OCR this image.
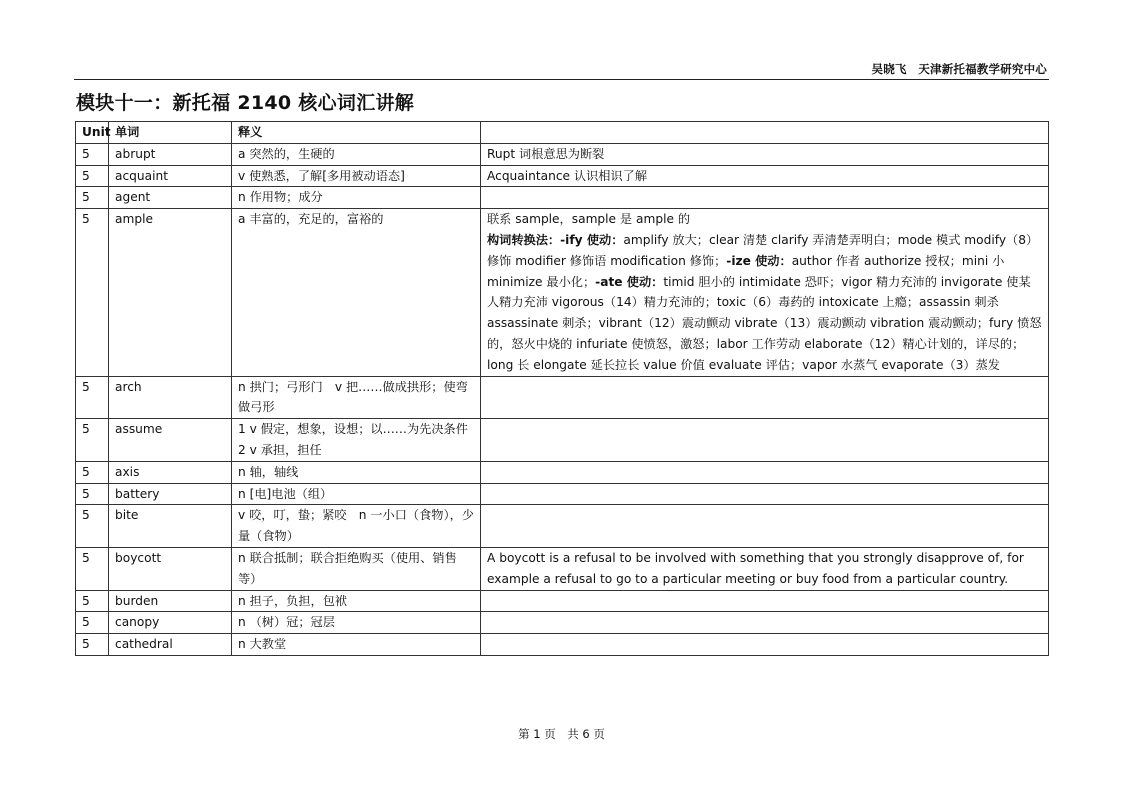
吴晓飞　天津新托福教学研究中心
模块十一：新托福 2140 核心词汇讲解
Unit	单词	释义	
5	abrupt	a 突然的，生硬的	Rupt 词根意思为断裂
5	acquaint	v 使熟悉，了解[多用被动语态]	Acquaintance 认识相识了解
5	agent	n 作用物；成分	
5	ample	a 丰富的，充足的，富裕的	联系 sample，sample 是 ample 的
构词转换法：-ify 使动：amplify 放大；clear 清楚 clarify 弄清楚弄明白；mode 模式 modify（8）修饰 modifier 修饰语 modification 修饰；-ize 使动：author 作者 authorize 授权；mini 小 minimize 最小化；-ate 使动：timid 胆小的 intimidate 恐吓；vigor 精力充沛的 invigorate 使某人精力充沛 vigorous（14）精力充沛的；toxic（6）毒药的 intoxicate 上瘾；assassin 刺杀 assassinate 刺杀；vibrant（12）震动颤动 vibrate（13）震动颤动 vibration 震动颤动；fury 愤怒的，怒火中烧的 infuriate 使愤怒，激怒；labor 工作劳动 elaborate（12）精心计划的，详尽的；long 长 elongate 延长拉长 value 价值 evaluate 评估；vapor 水蒸气 evaporate（3）蒸发
5	arch	n 拱门；弓形门　v 把……做成拱形；使弯做弓形	
5	assume	1 v 假定，想象，设想；以……为先决条件
2 v 承担，担任	
5	axis	n 轴，轴线	
5	battery	n [电]电池（组）	
5	bite	v 咬，叮，蛰；紧咬　n 一小口（食物），少量（食物）	
5	boycott	n 联合抵制；联合拒绝购买（使用、销售等）	A boycott is a refusal to be involved with something that you strongly disapprove of, for example a refusal to go to a particular meeting or buy food from a particular country.
5	burden	n 担子，负担，包袱	
5	canopy	n （树）冠；冠层	
5	cathedral	n 大教堂	
第 1 页　共 6 页
